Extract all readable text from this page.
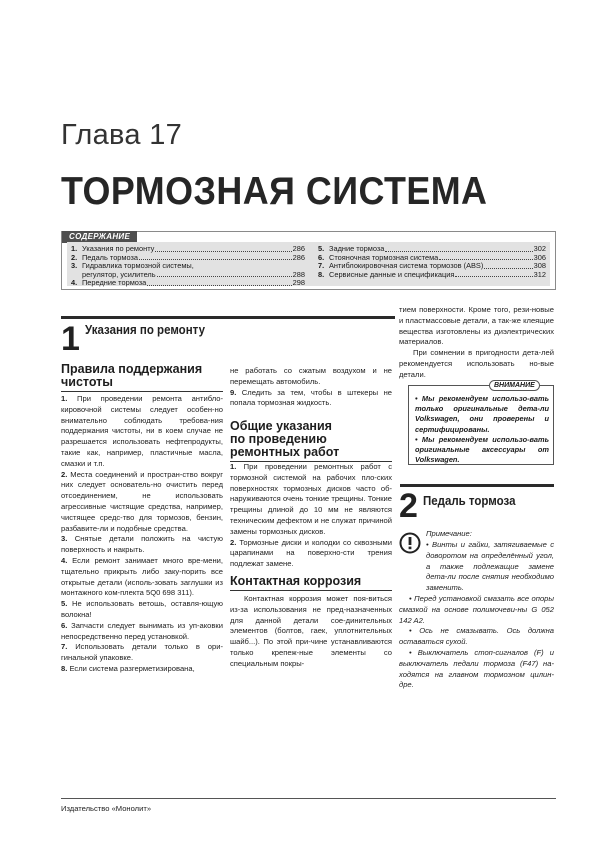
Глава 17
ТОРМОЗНАЯ СИСТЕМА
СОДЕРЖАНИЕ
1. Указания по ремонту	286
2. Педаль тормоза	286
3. Гидравлика тормозной системы,
регулятор, усилитель	288
4. Передние тормоза	298
5. Задние тормоза	302
6. Стояночная тормозная система	306
7. Антиблокировочная система тормозов (ABS)	308
8. Сервисные данные и спецификация	312
1 Указания по ремонту
Правила поддержания
чистоты

1. При проведении ремонта антибло-кировочной системы следует особен-но внимательно соблюдать требова-ния поддержания чистоты, ни в коем случае не разрешается использовать нефтепродукты, такие как, например, пластичные масла, смазки и т.п.

2. Места соединений и простран-ство вокруг них следует основатель-но очистить перед отсоединением, не использовать агрессивные чистящие средства, например, чистящее средс-тво для тормозов, бензин, разбавите-ли и подобные средства.

3. Снятые детали положить на чистую поверхность и накрыть.

4. Если ремонт занимает много вре-мени, тщательно прикрыть либо заку-порить все открытые детали (исполь-зовать заглушки из монтажного ком-плекта 5Q0 698 311).

5. Не использовать ветошь, оставля-ющую волокна!

6. Запчасти следует вынимать из уп-аковки непосредственно перед установкой.

7. Использовать детали только в ори-гинальной упаковке.

8. Если система разгерметизирована,

не работать со сжатым воздухом и не перемещать автомобиль.

9. Следить за тем, чтобы в штекеры не попала тормозная жидкость.

Общие указания
по проведению
ремонтных работ

1. При проведении ремонтных работ с тормозной системой на рабочих пло-ских поверхностях тормозных дисков часто об-наруживаются очень тонкие трещины. Тонкие трещины длиной до 10 мм не являются техническим дефектом и не служат причиной замены тормозных дисков.

2. Тормозные диски и колодки со сквозными царапинами на поверхно-сти трения подлежат замене.

Контактная коррозия

Контактная коррозия может поя-виться из-за использования не пред-назначенных для данной детали сое-динительных элементов (болтов, гаек, уплотнительных шайб...). По этой при-чине устанавливаются только крепеж-ные элементы со специальным покры-

тием поверхности. Кроме того, рези-новые и пластмассовые детали, а так-же клеящие вещества изготовлены из диэлектрических материалов.

При сомнении в пригодности дета-лей рекомендуется использовать но-вые детали.

ВНИМАНИЕ

• Мы рекомендуем использо-вать только оригинальные дета-ли Volkswagen, они проверены и сертифицированы.

• Мы рекомендуем использо-вать оригинальные аксессуары от Volkswagen.

2 Педаль тормоза
Примечание:

• Винты и гайки, затягиваемые с доворотом на определённый угол, а также подлежащие замене дета-ли после снятия необходимо заменить.

• Перед установкой смазать все опоры смазкой на основе полимочеви-ны G 052 142 A2.

• Ось не смазывать. Ось должна оставаться сухой.

• Выключатель стоп-сигналов (F) и выключатель педали тормоза (F47) на-ходятся на главном тормозном цилин-дре.

Издательство «Монолит»
